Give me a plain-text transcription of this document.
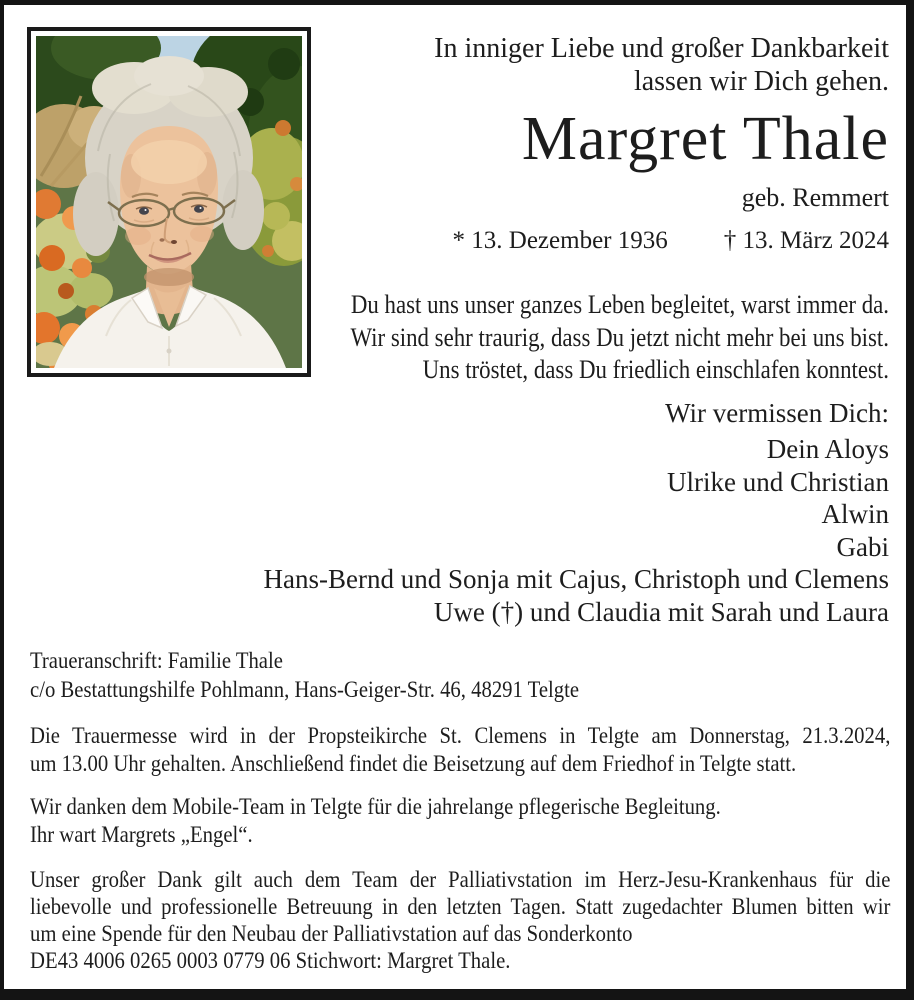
In inniger Liebe und großer Dankbarkeit
lassen wir Dich gehen.
Margret Thale
geb. Remmert
* 13. Dezember 1936 † 13. März 2024
Du hast uns unser ganzes Leben begleitet, warst immer da.
Wir sind sehr traurig, dass Du jetzt nicht mehr bei uns bist.
Uns tröstet, dass Du friedlich einschlafen konntest.
Wir vermissen Dich:
Dein Aloys
Ulrike und Christian
Alwin
Gabi
Hans-Bernd und Sonja mit Cajus, Christoph und Clemens
Uwe (†) und Claudia mit Sarah und Laura
Traueranschrift: Familie Thale
c/o Bestattungshilfe Pohlmann, Hans-Geiger-Str. 46, 48291 Telgte
Die Trauermesse wird in der Propsteikirche St. Clemens in Telgte am Donnerstag, 21.3.2024,
um 13.00 Uhr gehalten. Anschließend findet die Beisetzung auf dem Friedhof in Telgte statt.
Wir danken dem Mobile-Team in Telgte für die jahrelange pflegerische Begleitung.
Ihr wart Margrets „Engel“.
Unser großer Dank gilt auch dem Team der Palliativstation im Herz-Jesu-Krankenhaus für die
liebevolle und professionelle Betreuung in den letzten Tagen. Statt zugedachter Blumen bitten wir
um eine Spende für den Neubau der Palliativstation auf das Sonderkonto
DE43 4006 0265 0003 0779 06 Stichwort: Margret Thale.
